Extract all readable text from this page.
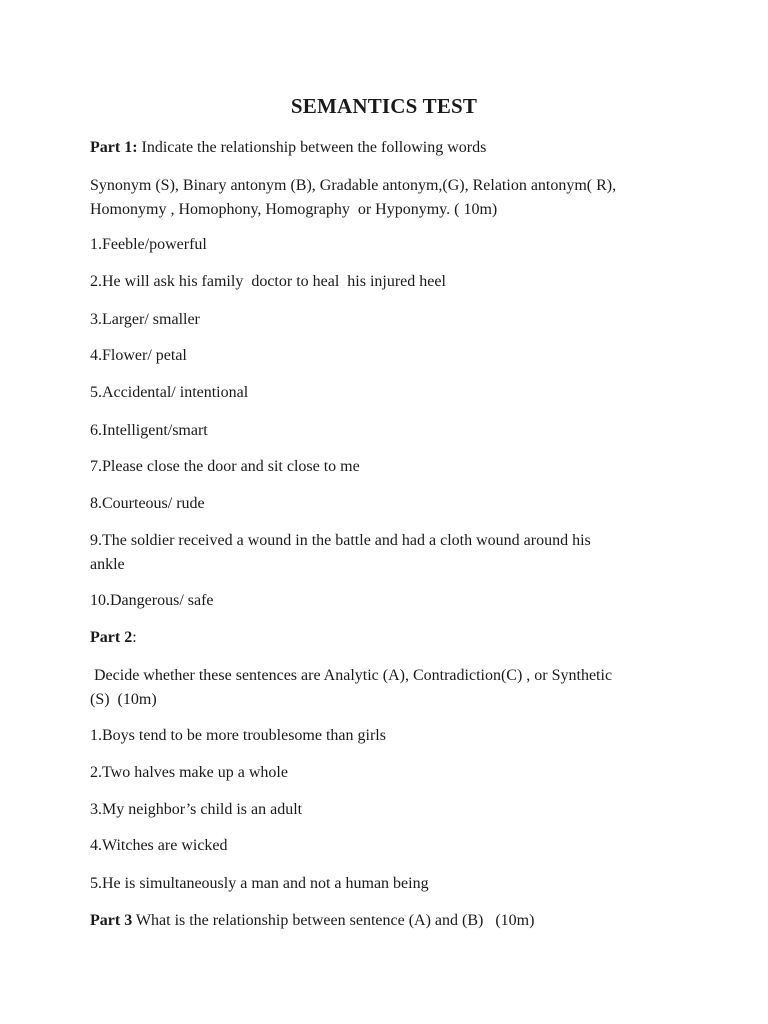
SEMANTICS TEST
Part 1: Indicate the relationship between the following words
Synonym (S), Binary antonym (B), Gradable antonym,(G), Relation antonym( R),
Homonymy , Homophony, Homography  or Hyponymy. ( 10m)
1.Feeble/powerful
2.He will ask his family  doctor to heal  his injured heel
3.Larger/ smaller
4.Flower/ petal
5.Accidental/ intentional
6.Intelligent/smart
7.Please close the door and sit close to me
8.Courteous/ rude
9.The soldier received a wound in the battle and had a cloth wound around his
ankle
10.Dangerous/ safe
Part 2:
Decide whether these sentences are Analytic (A), Contradiction(C) , or Synthetic
(S)  (10m)
1.Boys tend to be more troublesome than girls
2.Two halves make up a whole
3.My neighbor’s child is an adult
4.Witches are wicked
5.He is simultaneously a man and not a human being
Part 3 What is the relationship between sentence (A) and (B)   (10m)
